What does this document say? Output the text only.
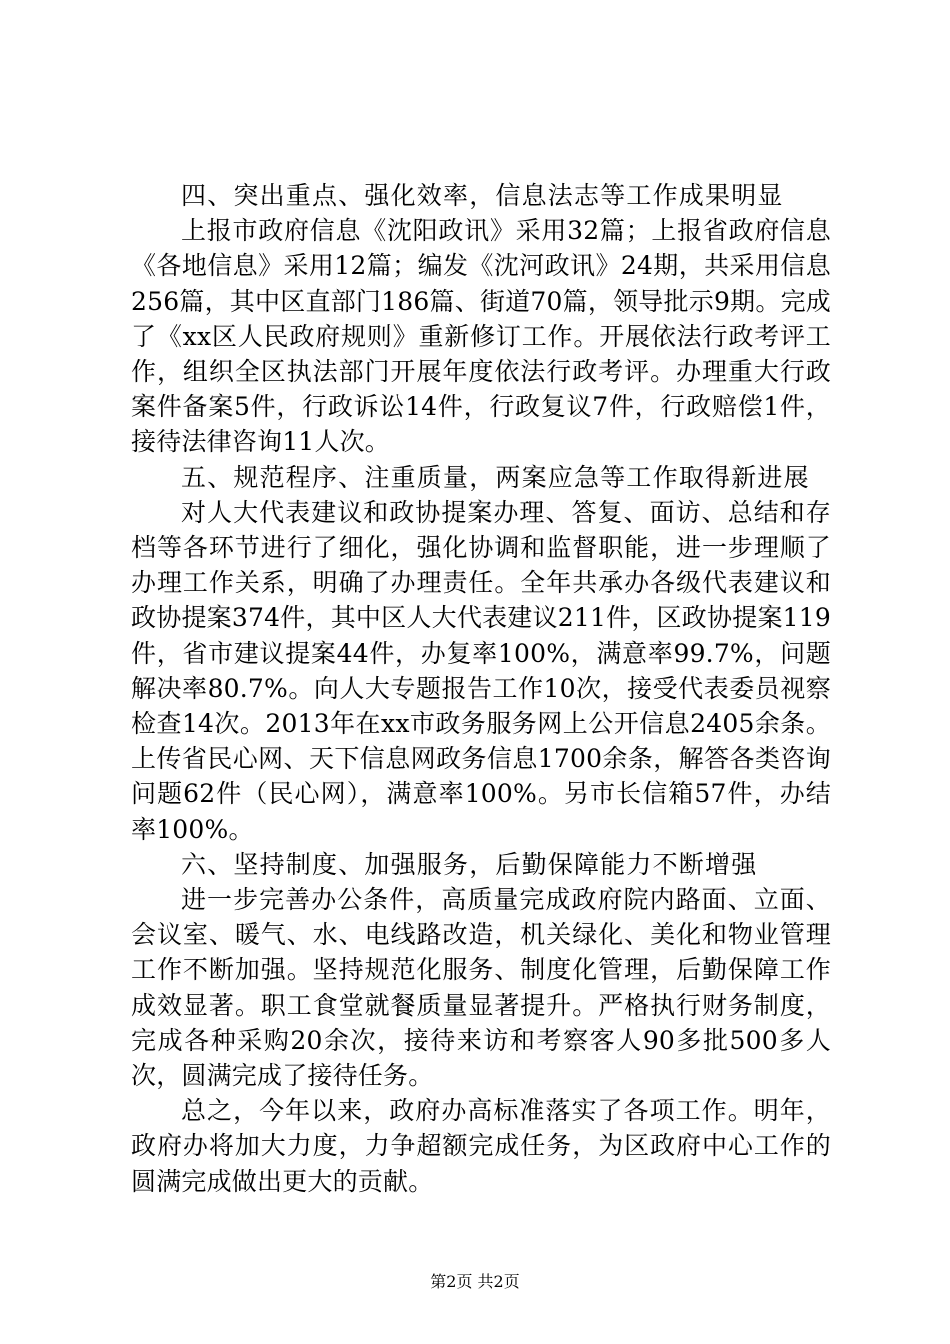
四、突出重点、强化效率，信息法志等工作成果明显

上报市政府信息《沈阳政讯》采用32篇；上报省政府信息《各地信息》采用12篇；编发《沈河政讯》24期，共采用信息256篇，其中区直部门186篇、街道70篇，领导批示9期。完成了《xx区人民政府规则》重新修订工作。开展依法行政考评工作，组织全区执法部门开展年度依法行政考评。办理重大行政案件备案5件，行政诉讼14件，行政复议7件，行政赔偿1件，接待法律咨询11人次。

五、规范程序、注重质量，两案应急等工作取得新进展

对人大代表建议和政协提案办理、答复、面访、总结和存档等各环节进行了细化，强化协调和监督职能，进一步理顺了办理工作关系，明确了办理责任。全年共承办各级代表建议和政协提案374件，其中区人大代表建议211件，区政协提案119件，省市建议提案44件，办复率100%，满意率99.7%，问题解决率80.7%。向人大专题报告工作10次，接受代表委员视察检查14次。2013年在xx市政务服务网上公开信息2405余条。上传省民心网、天下信息网政务信息1700余条，解答各类咨询问题62件（民心网），满意率100%。另市长信箱57件，办结率100%。

六、坚持制度、加强服务，后勤保障能力不断增强

进一步完善办公条件，高质量完成政府院内路面、立面、会议室、暖气、水、电线路改造，机关绿化、美化和物业管理工作不断加强。坚持规范化服务、制度化管理，后勤保障工作成效显著。职工食堂就餐质量显著提升。严格执行财务制度，完成各种采购20余次，接待来访和考察客人90多批500多人次，圆满完成了接待任务。

总之，今年以来，政府办高标准落实了各项工作。明年，政府办将加大力度，力争超额完成任务，为区政府中心工作的圆满完成做出更大的贡献。

第2页 共2页
